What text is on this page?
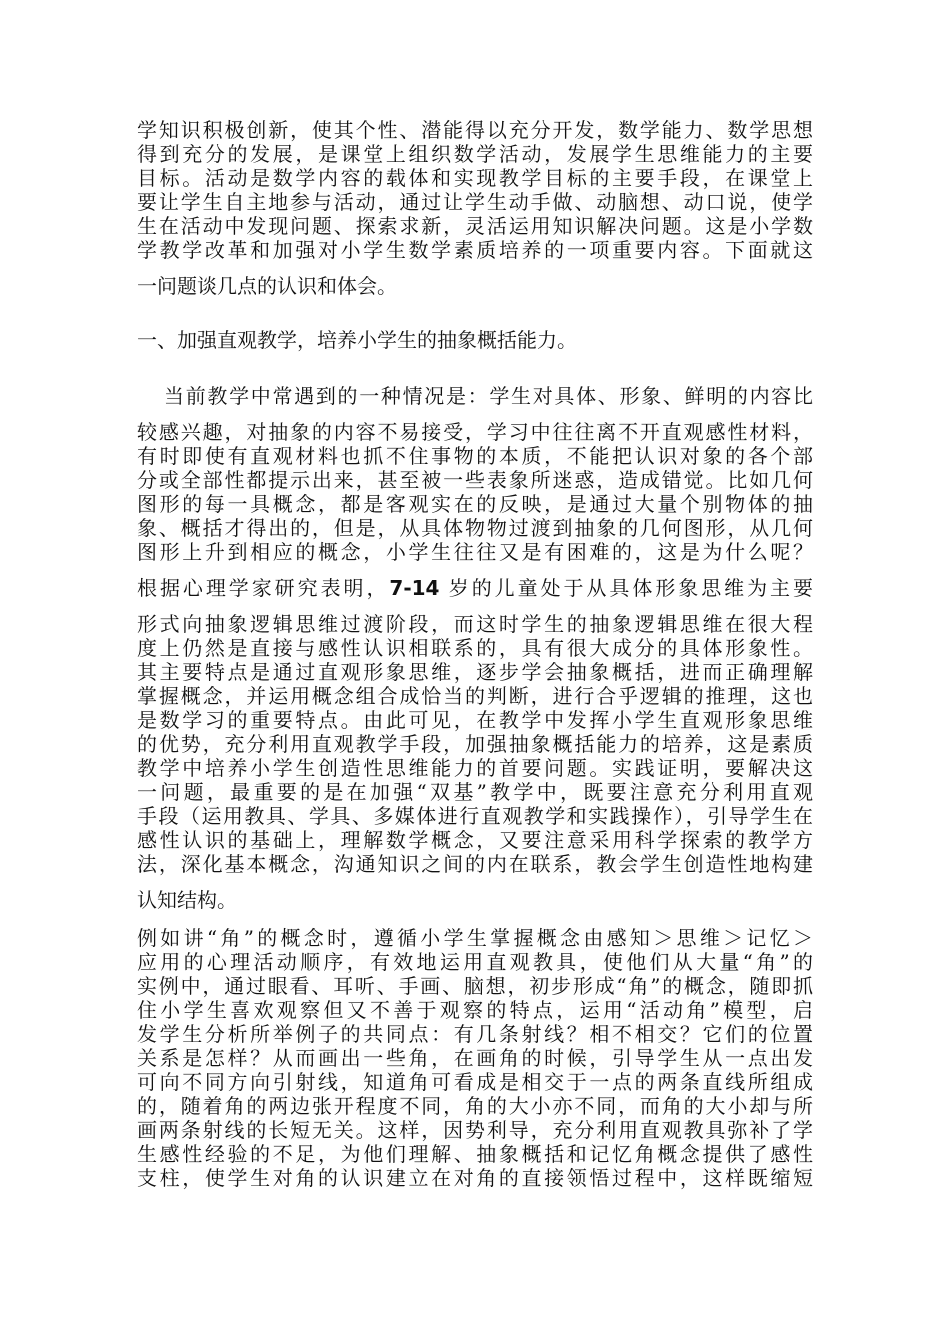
学知识积极创新，使其个性、潜能得以充分开发，数学能力、数学思想
得到充分的发展，是课堂上组织数学活动，发展学生思维能力的主要
目标。活动是数学内容的载体和实现教学目标的主要手段，在课堂上
要让学生自主地参与活动，通过让学生动手做、动脑想、动口说，使学
生在活动中发现问题、探索求新，灵活运用知识解决问题。这是小学数
学教学改革和加强对小学生数学素质培养的一项重要内容。下面就这
一问题谈几点的认识和体会。
一、加强直观教学，培养小学生的抽象概括能力。
当前教学中常遇到的一种情况是：学生对具体、形象、鲜明的内容比
较感兴趣，对抽象的内容不易接受，学习中往往离不开直观感性材料，
有时即使有直观材料也抓不住事物的本质，不能把认识对象的各个部
分或全部性都提示出来，甚至被一些表象所迷惑，造成错觉。比如几何
图形的每一具概念，都是客观实在的反映，是通过大量个别物体的抽
象、概括才得出的，但是，从具体物物过渡到抽象的几何图形，从几何
图形上升到相应的概念，小学生往往又是有困难的，这是为什么呢？
根据心理学家研究表明，7-14 岁的儿童处于从具体形象思维为主要
形式向抽象逻辑思维过渡阶段，而这时学生的抽象逻辑思维在很大程
度上仍然是直接与感性认识相联系的，具有很大成分的具体形象性。
其主要特点是通过直观形象思维，逐步学会抽象概括，进而正确理解
掌握概念，并运用概念组合成恰当的判断，进行合乎逻辑的推理，这也
是数学习的重要特点。由此可见，在教学中发挥小学生直观形象思维
的优势，充分利用直观教学手段，加强抽象概括能力的培养，这是素质
教学中培养小学生创造性思维能力的首要问题。实践证明，要解决这
一问题，最重要的是在加强“双基”教学中，既要注意充分利用直观
手段（运用教具、学具、多媒体进行直观教学和实践操作），引导学生在
感性认识的基础上，理解数学概念，又要注意采用科学探索的教学方
法，深化基本概念，沟通知识之间的内在联系，教会学生创造性地构建
认知结构。
例如讲“角”的概念时，遵循小学生掌握概念由感知＞思维＞记忆＞
应用的心理活动顺序，有效地运用直观教具，使他们从大量“角”的
实例中，通过眼看、耳听、手画、脑想，初步形成“角”的概念，随即抓
住小学生喜欢观察但又不善于观察的特点，运用“活动角”模型，启
发学生分析所举例子的共同点：有几条射线？相不相交？它们的位置
关系是怎样？从而画出一些角，在画角的时候，引导学生从一点出发
可向不同方向引射线，知道角可看成是相交于一点的两条直线所组成
的，随着角的两边张开程度不同，角的大小亦不同，而角的大小却与所
画两条射线的长短无关。这样，因势利导，充分利用直观教具弥补了学
生感性经验的不足，为他们理解、抽象概括和记忆角概念提供了感性
支柱，使学生对角的认识建立在对角的直接领悟过程中，这样既缩短
